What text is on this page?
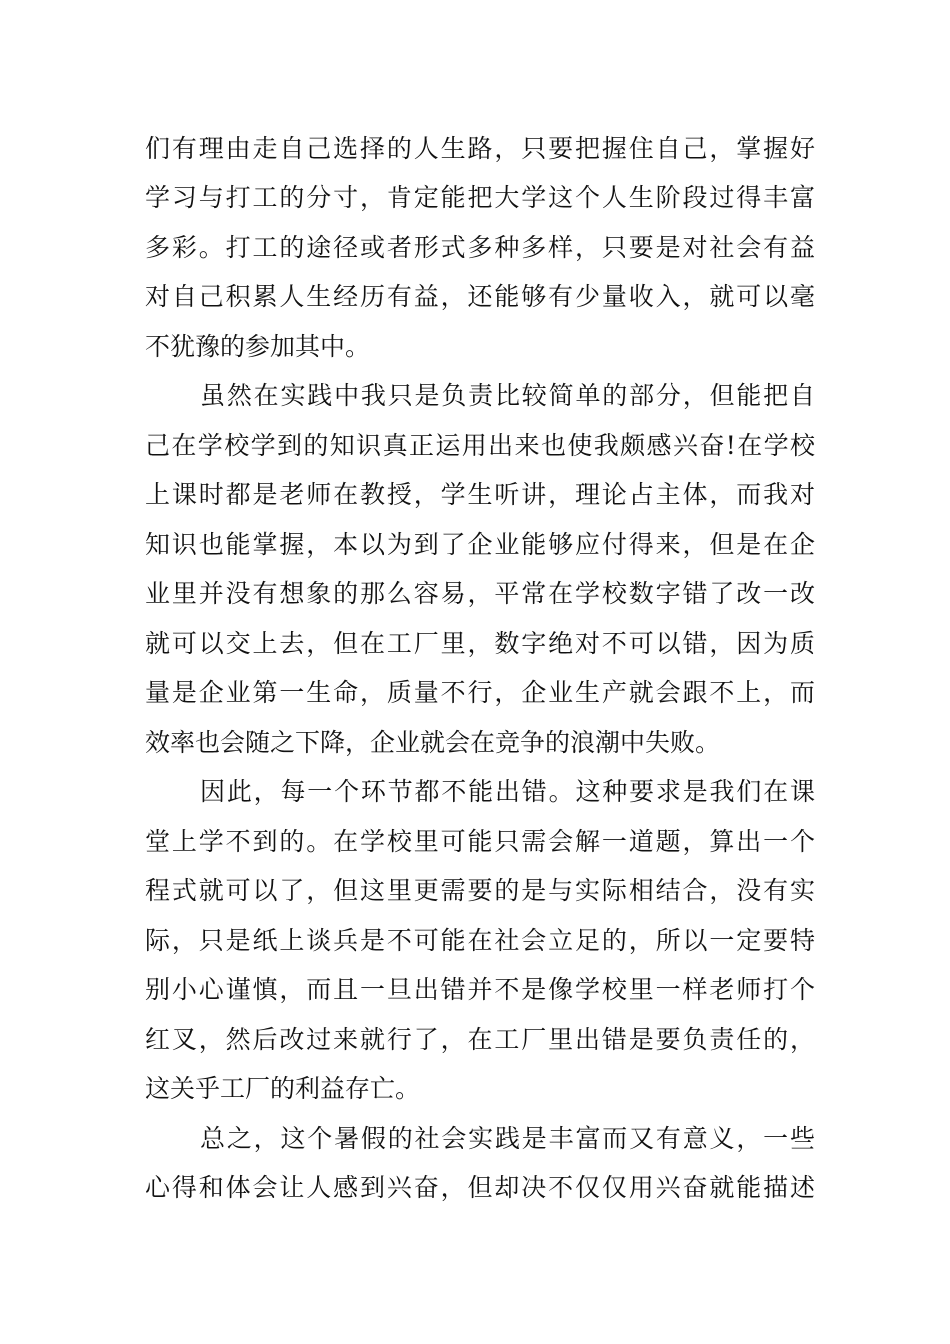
们有理由走自己选择的人生路，只要把握住自己，掌握好
学习与打工的分寸，肯定能把大学这个人生阶段过得丰富
多彩。打工的途径或者形式多种多样，只要是对社会有益
对自己积累人生经历有益，还能够有少量收入，就可以毫
不犹豫的参加其中。
虽然在实践中我只是负责比较简单的部分，但能把自
己在学校学到的知识真正运用出来也使我颇感兴奋!在学校
上课时都是老师在教授，学生听讲，理论占主体，而我对
知识也能掌握，本以为到了企业能够应付得来，但是在企
业里并没有想象的那么容易，平常在学校数字错了改一改
就可以交上去，但在工厂里，数字绝对不可以错，因为质
量是企业第一生命，质量不行，企业生产就会跟不上，而
效率也会随之下降，企业就会在竞争的浪潮中失败。
因此，每一个环节都不能出错。这种要求是我们在课
堂上学不到的。在学校里可能只需会解一道题，算出一个
程式就可以了，但这里更需要的是与实际相结合，没有实
际，只是纸上谈兵是不可能在社会立足的，所以一定要特
别小心谨慎，而且一旦出错并不是像学校里一样老师打个
红叉，然后改过来就行了，在工厂里出错是要负责任的，
这关乎工厂的利益存亡。
总之，这个暑假的社会实践是丰富而又有意义，一些
心得和体会让人感到兴奋，但却决不仅仅用兴奋就能描述
